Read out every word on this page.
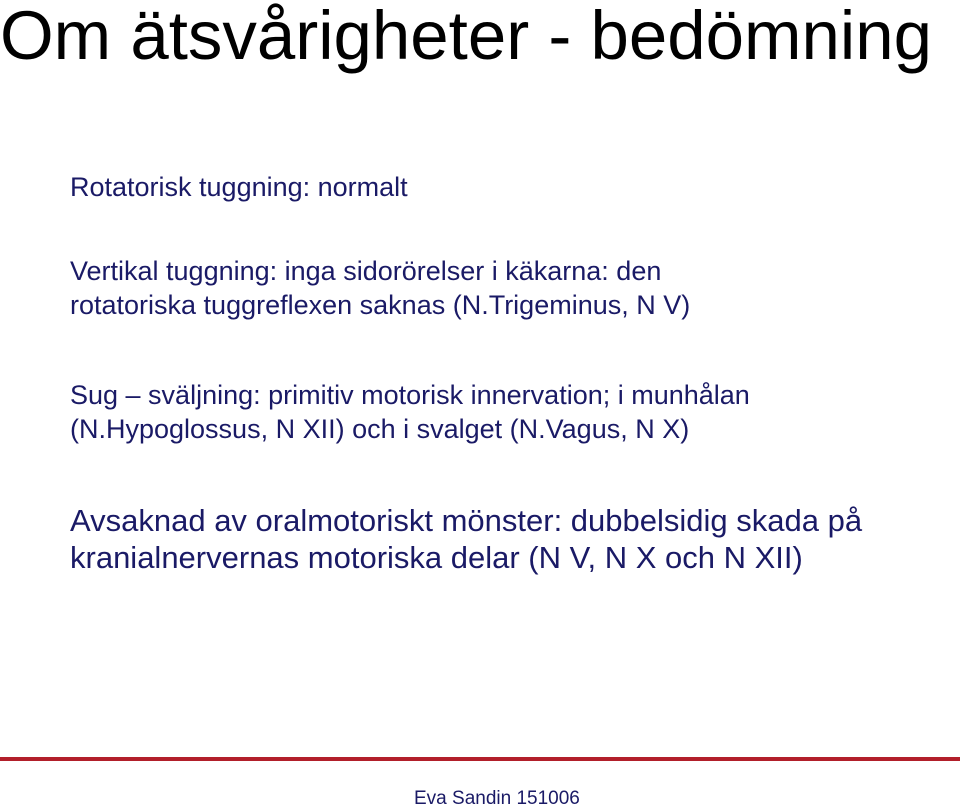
Om ätsvårigheter - bedömning
Rotatorisk tuggning: normalt
Vertikal tuggning: inga sidorörelser i käkarna: den
rotatoriska tuggreflexen saknas (N.Trigeminus, N V)
Sug – sväljning: primitiv motorisk innervation; i munhålan
(N.Hypoglossus, N XII) och i svalget (N.Vagus, N X)
Avsaknad av oralmotoriskt mönster: dubbelsidig skada på
kranialnervernas motoriska delar (N V, N X och N XII)
Eva Sandin 151006
